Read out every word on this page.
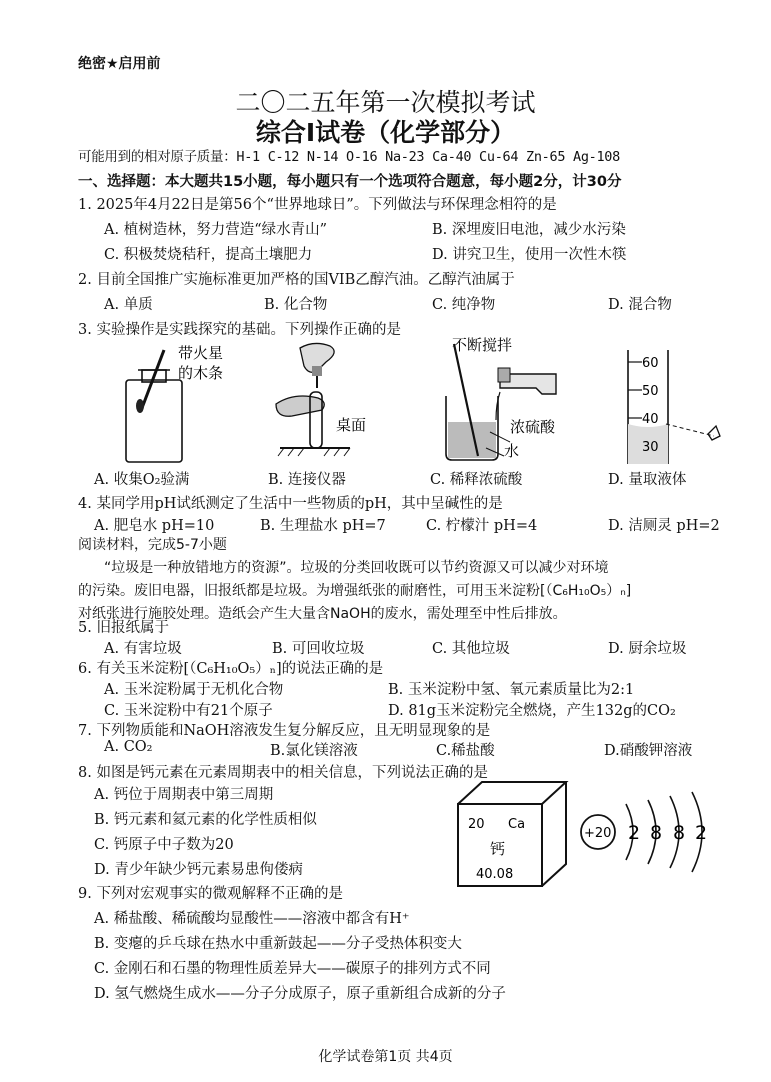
绝密★启用前
二〇二五年第一次模拟考试
综合Ⅰ试卷（化学部分）
可能用到的相对原子质量：H-1 C-12 N-14 O-16 Na-23 Ca-40 Cu-64 Zn-65 Ag-108
一、选择题：本大题共15小题，每小题只有一个选项符合题意，每小题2分，计30分
1. 2025年4月22日是第56个“世界地球日”。下列做法与环保理念相符的是
A. 植树造林，努力营造“绿水青山”	B. 深埋废旧电池，减少水污染
C. 积极焚烧秸秆，提高土壤肥力	D. 讲究卫生，使用一次性木筷
2. 目前全国推广实施标准更加严格的国VIB乙醇汽油。乙醇汽油属于
A. 单质	B. 化合物	C. 纯净物	D. 混合物
3. 实验操作是实践探究的基础。下列操作正确的是
带火星
的木条
桌面
不断搅拌
浓硫酸
水
60
50
40
30
A. 收集O₂验满	B. 连接仪器	C. 稀释浓硫酸	D. 量取液体
4. 某同学用pH试纸测定了生活中一些物质的pH，其中呈碱性的是
A. 肥皂水 pH=10	B. 生理盐水 pH=7	C. 柠檬汁 pH=4	D. 洁厕灵 pH=2
阅读材料，完成5-7小题
“垃圾是一种放错地方的资源”。垃圾的分类回收既可以节约资源又可以减少对环境
的污染。废旧电器，旧报纸都是垃圾。为增强纸张的耐磨性，可用玉米淀粉[（C₆H₁₀O₅）ₙ]
对纸张进行施胶处理。造纸会产生大量含NaOH的废水，需处理至中性后排放。
5. 旧报纸属于
A. 有害垃圾	B. 可回收垃圾	C. 其他垃圾	D. 厨余垃圾
6. 有关玉米淀粉[（C₆H₁₀O₅）ₙ]的说法正确的是
A. 玉米淀粉属于无机化合物	B. 玉米淀粉中氢、氧元素质量比为2:1
C. 玉米淀粉中有21个原子	D. 81g玉米淀粉完全燃烧，产生132g的CO₂
7. 下列物质能和NaOH溶液发生复分解反应，且无明显现象的是
A. CO₂	B.氯化镁溶液	C.稀盐酸	D.硝酸钾溶液
8. 如图是钙元素在元素周期表中的相关信息，下列说法正确的是
A. 钙位于周期表中第三周期
B. 钙元素和氦元素的化学性质相似
C. 钙原子中子数为20
D. 青少年缺少钙元素易患佝偻病
20 Ca
钙
40.08
+20 2 8 8 2
9. 下列对宏观事实的微观解释不正确的是
A. 稀盐酸、稀硫酸均显酸性——溶液中都含有H⁺
B. 变瘪的乒乓球在热水中重新鼓起——分子受热体积变大
C. 金刚石和石墨的物理性质差异大——碳原子的排列方式不同
D. 氢气燃烧生成水——分子分成原子，原子重新组合成新的分子
化学试卷第1页 共4页
